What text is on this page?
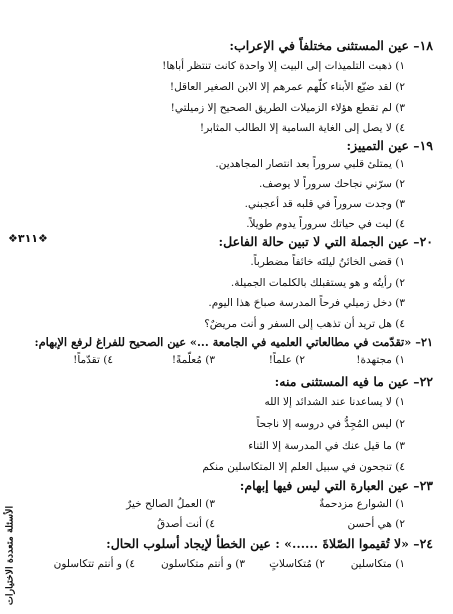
١٨– عين المستثنى مختلفاً في الإعراب:
١) ذهبت التلميذات إلى البيت إلا واحدة كانت تنتظر أباها!
٢) لقد ضيّع الأبناء كلّهم عمرهم إلا الابن الصغير العاقل!
٣) لم تقطع هؤلاء الزميلات الطريق الصحيح إلا زميلتي!
٤) لا يصل إلى الغاية السامية إلا الطالب المثابر!
١٩– عين التمييز:
١) يمتلئ قلبي سروراً بعد انتصار المجاهدين.
٢) سرّني نجاحك سروراً لا يوصف.
٣) وجدت سروراً في قلبه قد أعجبني.
٤) ليت في حياتك سروراً يدوم طويلاً.
٢٠– عين الجملة التي لا تبين حالة الفاعل:
١) قضى الخائنُ ليلتَه خائفاً مضطرباً.
٢) رأيتُه و هو يستقبلك بالكلمات الجميلة.
٣) دخل زميلي فرحاً المدرسة صباحَ هذا اليوم.
٤) هل تريد أن تذهب إلى السفر و أنت مريضٌ؟
٢١– «تقدّمت في مطالعاتي العلميه في الجامعة ...» عين الصحيح للفراغ لرفع الإبهام:
١) مجتهدة!
٢) علماً!
٣) مُعلّمةً!
٤) تقدّماً!
٢٢– عين ما فيه المستثنى منه:
١) لا يساعدنا عند الشدائد إلا الله
٢) ليس المُجِدُّ في دروسه إلا ناجحاً
٣) ما قيل عنك في المدرسة إلا الثناء
٤) تنجحون في سبيل العلم إلا المتكاسلين منكم
٢٣– عين العبارة التي ليس فيها إبهام:
١) الشوارع مزدحمةٌ
٣) العملُ الصالح خيرٌ
٢) هي أحسن
٤) أنت أصدقُ
٢٤– «لا تُقيموا الصّلاةَ ......» : عين الخطأ لإيجاد أسلوب الحال:
١) متكاسلين
٢) مُتكاسلاتٍ
٣) و أنتم متكاسلون
٤) و أنتم تتكاسلون
❖٣١١❖
الأسئلة متعددة الاختيارات
